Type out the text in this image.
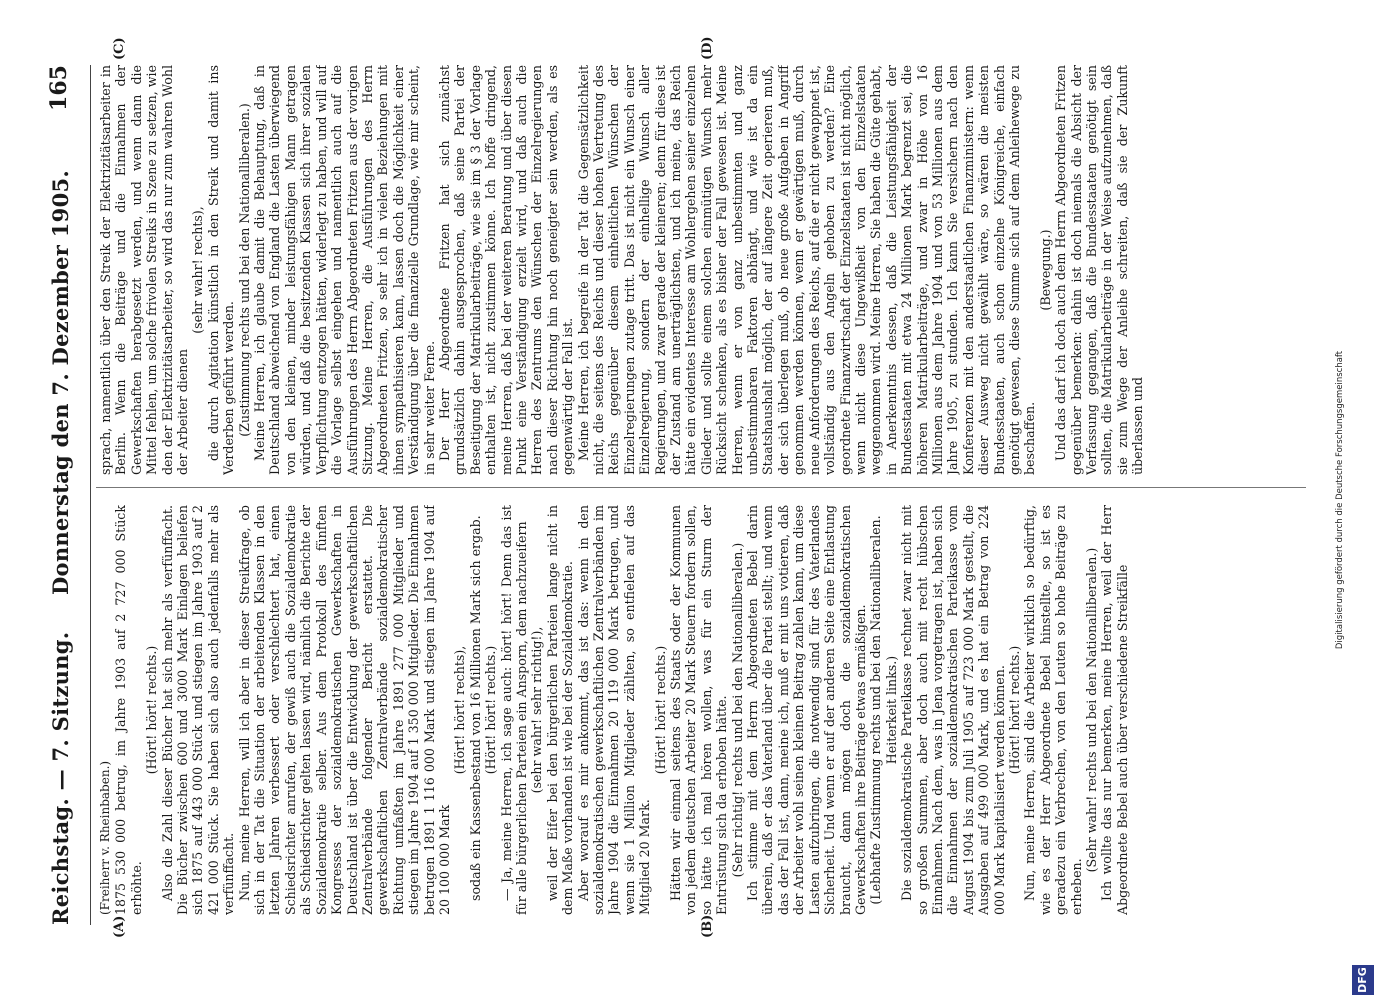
Reichstag. — 7. Sitzung.
Donnerstag den 7. Dezember 1905.
165
(A)	(B)
(C)	(D)

(Freiherr v. Rheinbaben.) 1875 530 000 betrug, im Jahre 1903 auf 2 727 000 Stück erhöhte.

(Hört! hört! rechts.) Also die Zahl dieser Bücher hat sich mehr als verfünffacht. Die Bücher zwischen 600 und 3000 Mark Einlagen beliefen sich 1875 auf 443 000 Stück und stiegen im Jahre 1903 auf 2 421 000 Stück. Sie haben sich also auch jedenfalls mehr als verfünffacht. Nun, meine Herren, will ich aber in dieser Streikfrage, ob sich in der Tat die Situation der arbeitenden Klassen in den letzten Jahren verbessert oder verschlechtert hat, einen Schiedsrichter anrufen, der gewiß auch die Sozialdemokratie als Schiedsrichter gelten lassen wird, nämlich die Berichte der Sozialdemokratie selber. Aus dem Protokoll des fünften Kongresses der sozialdemokratischen Gewerkschaften in Deutschland ist über die Entwicklung der gewerkschaftlichen Zentralverbände folgender Bericht erstattet. Die gewerkschaftlichen Zentralverbände sozialdemokratischer Richtung umfaßten im Jahre 1891 277 000 Mitglieder und stiegen im Jahre 1904 auf 1 350 000 Mitglieder. Die Einnahmen betrugen 1891 1 116 000 Mark und stiegen im Jahre 1904 auf 20 100 000 Mark

(Hört! hört! rechts), sodaß ein Kassenbestand von 16 Millionen Mark sich ergab. (Hört! hört! rechts.) — Ja, meine Herren, ich sage auch: hört! hört! Denn das ist für alle bürgerlichen Parteien ein Ansporn, dem nachzueifern (sehr wahr! sehr richtig!), weil der Eifer bei den bürgerlichen Parteien lange nicht in dem Maße vorhanden ist wie bei der Sozialdemokratie. Aber worauf es mir ankommt, das ist das: wenn in den sozialdemokratischen gewerkschaftlichen Zentralverbänden im Jahre 1904 die Einnahmen 20 119 000 Mark betrugen, und wenn sie 1 Million Mitglieder zählten, so entfielen auf das Mitglied 20 Mark.

(Hört! hört! rechts.) Hätten wir einmal seitens des Staats oder der Kommunen von jedem deutschen Arbeiter 20 Mark Steuern fordern sollen, so hätte ich mal hören wollen, was für ein Sturm der Entrüstung sich da erhoben hätte. (Sehr richtig! rechts und bei den Nationalliberalen.) Ich stimme mit dem Herrn Abgeordneten Bebel darin überein, daß er das Vaterland über die Partei stellt; und wenn das der Fall ist, dann, meine ich, muß er mit uns votieren, daß der Arbeiter wohl seinen kleinen Beitrag zahlen kann, um diese Lasten aufzubringen, die notwendig sind für des Vaterlandes Sicherheit. Und wenn er auf der anderen Seite eine Entlastung braucht, dann mögen doch die sozialdemokratischen Gewerkschaften ihre Beiträge etwas ermäßigen. (Lebhafte Zustimmung rechts und bei den Nationalliberalen. Heiterkeit links.) Die sozialdemokratische Parteikasse rechnet zwar nicht mit so großen Summen, aber doch auch mit recht hübschen Einnahmen. Nach dem, was in Jena vorgetragen ist, haben sich die Einnahmen der sozialdemokratischen Parteikasse vom August 1904 bis zum Juli 1905 auf 723 000 Mark gestellt, die Ausgaben auf 499 000 Mark, und es hat ein Betrag von 224 000 Mark kapitalisiert werden können. (Hört! hört! rechts.) Nun, meine Herren, sind die Arbeiter wirklich so bedürftig, wie es der Herr Abgeordnete Bebel hinstellte, so ist es geradezu ein Verbrechen, von den Leuten so hohe Beiträge zu erheben.

(Sehr wahr! rechts und bei den Nationalliberalen.) Ich wollte das nur bemerken, meine Herren, weil der Herr Abgeordnete Bebel auch über verschiedene Streikfälle

sprach, namentlich über den Streik der Elektrizitätsarbeiter in Berlin. Wenn die Beiträge und die Einnahmen der Gewerkschaften herabgesetzt werden, und wenn dann die Mittel fehlen, um solche frivolen Streiks in Szene zu setzen, wie den der Elektrizitätsarbeiter, so wird das nur zum wahren Wohl der Arbeiter dienen

(sehr wahr! rechts), die durch Agitation künstlich in den Streik und damit ins Verderben geführt werden. (Zustimmung rechts und bei den Nationalliberalen.) Meine Herren, ich glaube damit die Behauptung, daß in Deutschland abweichend von England die Lasten überwiegend von den kleinen, minder leistungsfähigen Mann getragen würden, und daß die besitzenden Klassen sich ihrer sozialen Verpflichtung entzogen hätten, widerlegt zu haben, und will auf die Vorlage selbst eingehen und namentlich auch auf die Ausführungen des Herrn Abgeordneten Fritzen aus der vorigen Sitzung. Meine Herren, die Ausführungen des Herrn Abgeordneten Fritzen, so sehr ich in vielen Beziehungen mit ihnen sympathisieren kann, lassen doch die Möglichkeit einer Verständigung über die finanzielle Grundlage, wie mir scheint, in sehr weiter Ferne. Der Herr Abgeordnete Fritzen hat sich zunächst grundsätzlich dahin ausgesprochen, daß seine Partei der Beseitigung der Matrikularbeiträge, wie sie im § 3 der Vorlage enthalten ist, nicht zustimmen könne. Ich hoffe dringend, meine Herren, daß bei der weiteren Beratung und über diesen Punkt eine Verständigung erzielt wird, und daß auch die Herren des Zentrums den Wünschen der Einzelregierungen nach dieser Richtung hin noch geneigter sein werden, als es gegenwärtig der Fall ist. Meine Herren, ich begreife in der Tat die Gegensätzlichkeit nicht, die seitens des Reichs und dieser hohen Vertretung des Reichs gegenüber diesem einheitlichen Wünschen der Einzelregierungen zutage tritt. Das ist nicht ein Wunsch einer Einzelregierung, sondern der einhellige Wunsch aller Regierungen, und zwar gerade der kleineren; denn für diese ist der Zustand am unerträglichsten, und ich meine, das Reich hätte ein evidentes Interesse am Wohlergehen seiner einzelnen Glieder und sollte einem solchen einmütigen Wunsch mehr Rücksicht schenken, als es bisher der Fall gewesen ist. Meine Herren, wenn er von ganz unbestimmten und ganz unbestimmbaren Faktoren abhängt, und wie ist da ein Staatshaushalt möglich, der auf längere Zeit operieren muß, der sich überlegen muß, ob neue große Aufgaben in Angriff genommen werden können, wenn er gewärtigen muß, durch neue Anforderungen des Reichs, auf die er nicht gewappnet ist, vollständig aus den Angeln gehoben zu werden? Eine geordnete Finanzwirtschaft der Einzelstaaten ist nicht möglich, wenn nicht diese Ungewißheit von den Einzelstaaten weggenommen wird. Meine Herren, Sie haben die Güte gehabt, in Anerkenntnis dessen, daß die Leistungsfähigkeit der Bundesstaaten mit etwa 24 Millionen Mark begrenzt sei, die höheren Matrikularbeiträge, und zwar in Höhe von 16 Millionen aus dem Jahre 1904 und von 53 Millionen aus dem Jahre 1905, zu stunden. Ich kann Sie versichern nach den Konferenzen mit den anderstaatlichen Finanzministern: wenn dieser Ausweg nicht gewählt wäre, so wären die meisten Bundesstaaten, auch schon einzelne Königreiche, einfach genötigt gewesen, diese Summe sich auf dem Anleihewege zu beschaffen.

(Bewegung.) Und das darf ich doch auch dem Herrn Abgeordneten Fritzen gegenüber bemerken: dahin ist doch niemals die Absicht der Verfassung gegangen, daß die Bundesstaaten genötigt sein sollten, die Matrikularbeiträge in der Weise aufzunehmen, daß sie zum Wege der Anleihe schreiten, daß sie der Zukunft überlassen und	Digitalisierung gefördert durch die Deutsche Forschungsgemeinschaft
DFG
